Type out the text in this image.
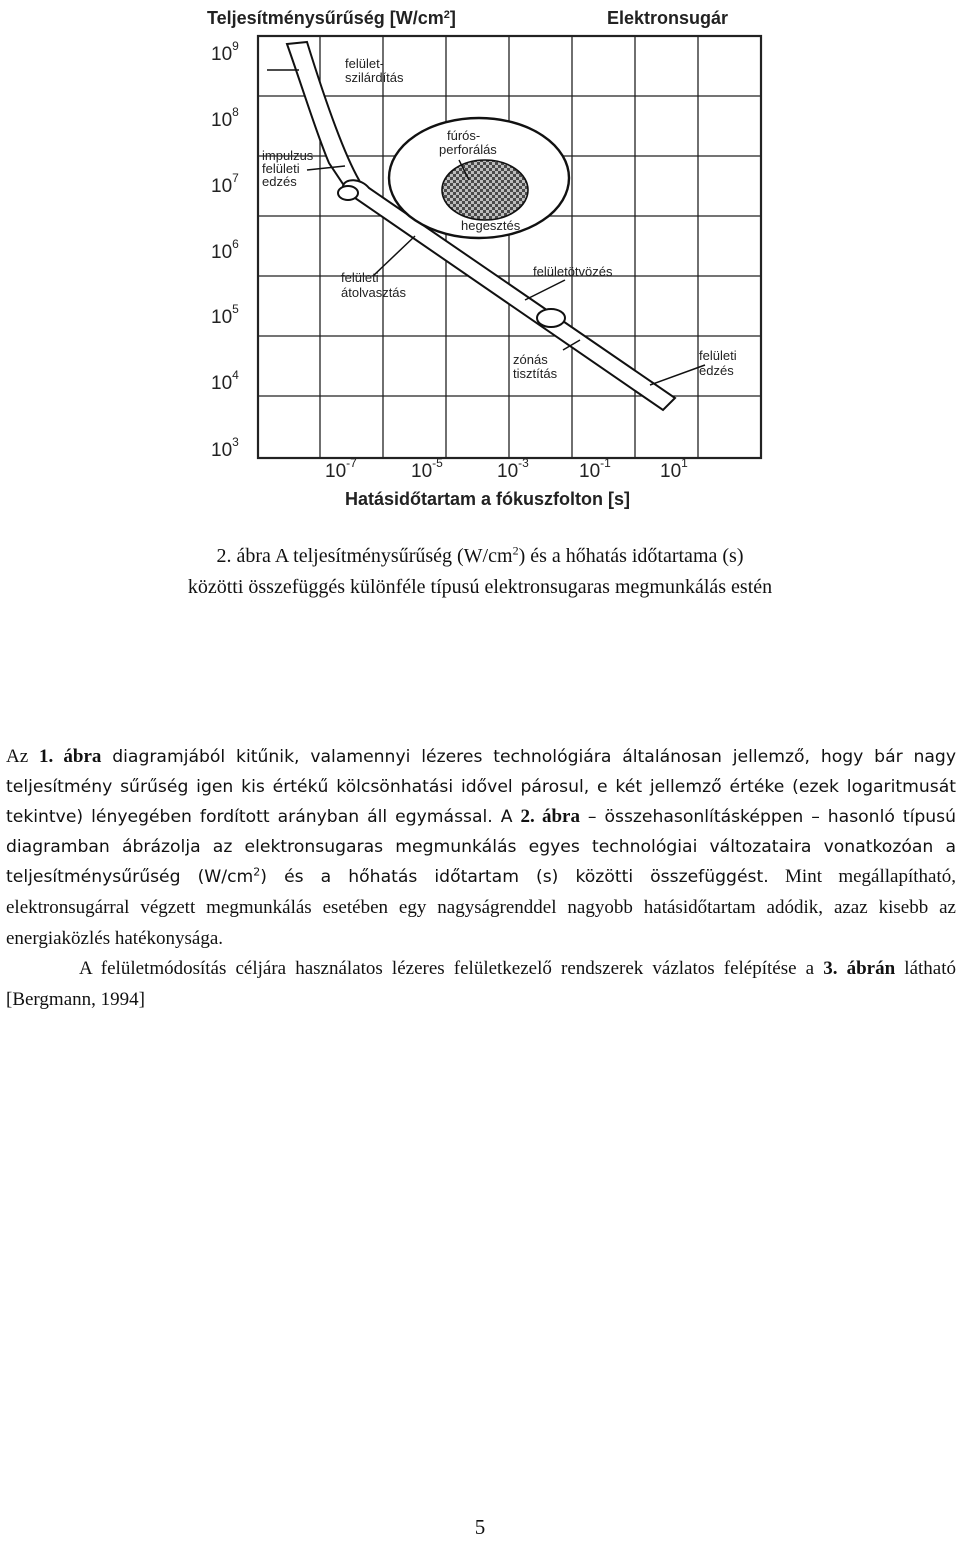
Teljesítménysűrűség $[W/cm^2]$	Elektronsugár
$10^9$
$10^8$
$10^7$
$10^6$
$10^5$
$10^4$
$10^3$
$10^{-7}$	$10^{-5}$	$10^{-3}$	$10^{-1}$	$10^1$
Hatásidőtartam a fókuszfolton [s]
felület-szilárdítás
fúrós-perforálás
hegesztés
impulzus felületi edzés
felületi átolvasztás
felületötvözés
zónás tisztítás
felületi edzés
2. ábra A teljesítménysűrűség $(W/cm^2)$ és a hőhatás időtartama (s)
közötti összefüggés különféle típusú elektronsugaras megmunkálás estén

Az 1. ábra diagramjából kitűnik, valamennyi lézeres technológiára általánosan jellemző, hogy bár nagy teljesítmény sűrűség igen kis értékű kölcsönhatási idővel párosul, e két jellemző értéke (ezek logaritmusát tekintve) lényegében fordított arányban áll egymással. A 2. ábra – összehasonlításképpen – hasonló típusú diagramban ábrázolja az elektronsugaras megmunkálás egyes technológiai változataira vonatkozóan a teljesítménysűrűség $(W/cm^2)$ és a hőhatás időtartam (s) közötti összefüggést. Mint megállapítható, elektronsugárral végzett megmunkálás esetében egy nagyságrenddel nagyobb hatásidőtartam adódik, azaz kisebb az energiaközlés hatékonysága.
A felületmódosítás céljára használatos lézeres felületkezelő rendszerek vázlatos felépítése a 3. ábrán látható [Bergmann, 1994]

5
